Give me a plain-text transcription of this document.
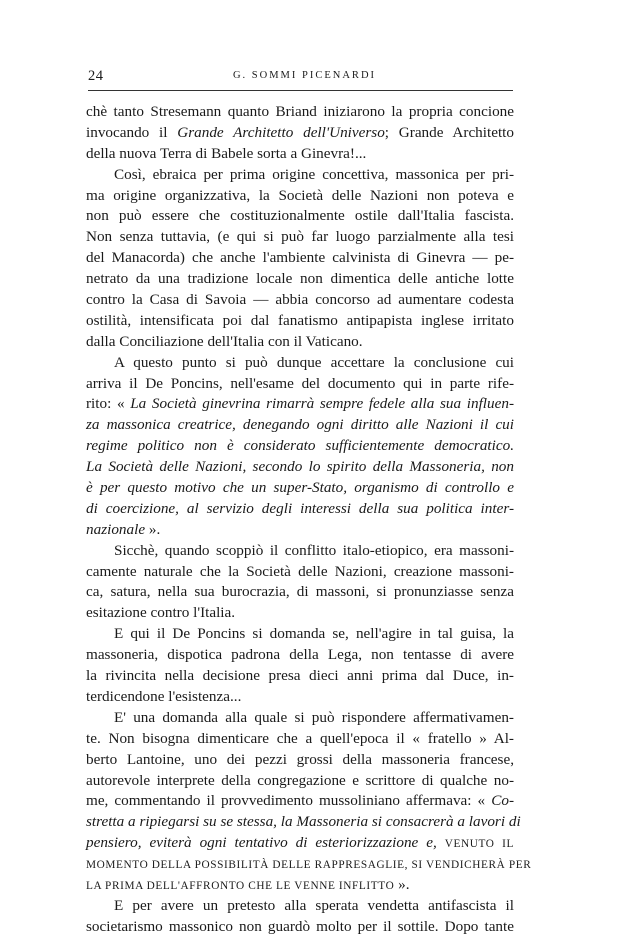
24	G. SOMMI PICENARDI
chè tanto Stresemann quanto Briand iniziarono la propria concione
invocando il Grande Architetto dell'Universo; Grande Architetto
della nuova Terra di Babele sorta a Ginevra!...
Così, ebraica per prima origine concettiva, massonica per pri-
ma origine organizzativa, la Società delle Nazioni non poteva e
non può essere che costituzionalmente ostile dall'Italia fascista.
Non senza tuttavia, (e qui si può far luogo parzialmente alla tesi
del Manacorda) che anche l'ambiente calvinista di Ginevra — pe-
netrato da una tradizione locale non dimentica delle antiche lotte
contro la Casa di Savoia — abbia concorso ad aumentare codesta
ostilità, intensificata poi dal fanatismo antipapista inglese irritato
dalla Conciliazione dell'Italia con il Vaticano.
A questo punto si può dunque accettare la conclusione cui
arriva il De Poncins, nell'esame del documento qui in parte rife-
rito: « La Società ginevrina rimarrà sempre fedele alla sua influen-
za massonica creatrice, denegando ogni diritto alle Nazioni il cui
regime politico non è considerato sufficientemente democratico.
La Società delle Nazioni, secondo lo spirito della Massoneria, non
è per questo motivo che un super-Stato, organismo di controllo e
di coercizione, al servizio degli interessi della sua politica inter-
nazionale ».
Sicchè, quando scoppiò il conflitto italo-etiopico, era massoni-
camente naturale che la Società delle Nazioni, creazione massoni-
ca, satura, nella sua burocrazia, di massoni, si pronunziasse senza
esitazione contro l'Italia.
E qui il De Poncins si domanda se, nell'agire in tal guisa, la
massoneria, dispotica padrona della Lega, non tentasse di avere
la rivincita nella decisione presa dieci anni prima dal Duce, in-
terdicendone l'esistenza...
E' una domanda alla quale si può rispondere affermativamen-
te. Non bisogna dimenticare che a quell'epoca il « fratello » Al-
berto Lantoine, uno dei pezzi grossi della massoneria francese,
autorevole interprete della congregazione e scrittore di qualche no-
me, commentando il provvedimento mussoliniano affermava: « Co-
stretta a ripiegarsi su se stessa, la Massoneria si consacrerà a lavori di
pensiero, eviterà ogni tentativo di esteriorizzazione e, VENUTO IL
MOMENTO DELLA POSSIBILITÀ DELLE RAPPRESAGLIE, SI VENDICHERÀ PER
LA PRIMA DELL'AFFRONTO CHE LE VENNE INFLITTO ».
E per avere un pretesto alla sperata vendetta antifascista il
societarismo massonico non guardò molto per il sottile. Dopo tante
